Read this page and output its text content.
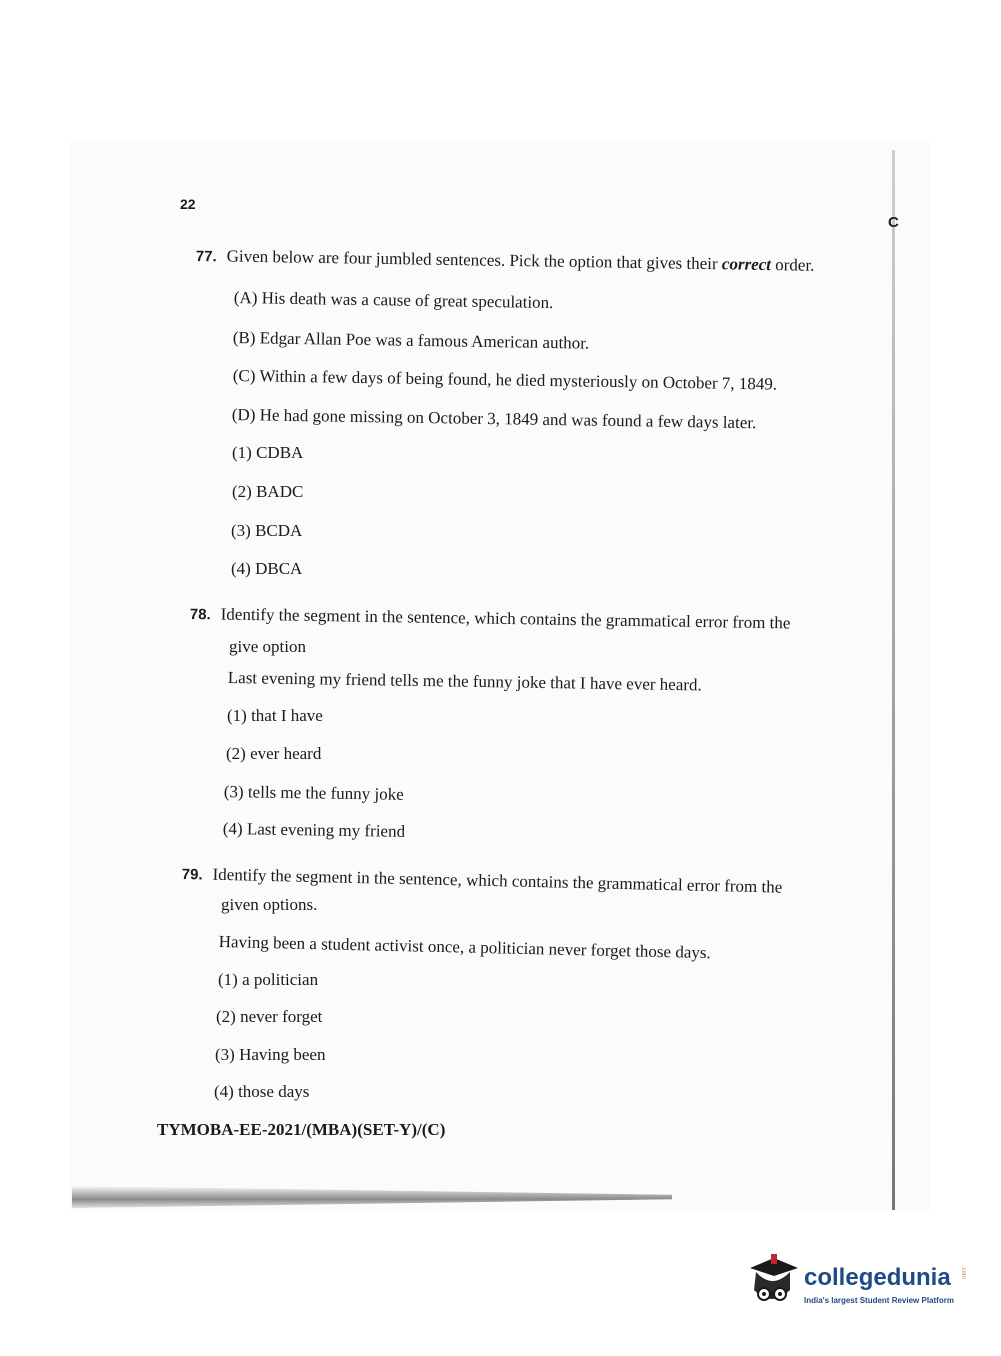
22
C
77. Given below are four jumbled sentences. Pick the option that gives their correct order.
(A) His death was a cause of great speculation.
(B) Edgar Allan Poe was a famous American author.
(C) Within a few days of being found, he died mysteriously on October 7, 1849.
(D) He had gone missing on October 3, 1849 and was found a few days later.
(1) CDBA
(2) BADC
(3) BCDA
(4) DBCA
78. Identify the segment in the sentence, which contains the grammatical error from the
give option
Last evening my friend tells me the funny joke that I have ever heard.
(1) that I have
(2) ever heard
(3) tells me the funny joke
(4) Last evening my friend
79. Identify the segment in the sentence, which contains the grammatical error from the
given options.
Having been a student activist once, a politician never forget those days.
(1) a politician
(2) never forget
(3) Having been
(4) those days
TYMOBA-EE-2021/(MBA)(SET-Y)/(C)
collegedunia .com
India's largest Student Review Platform
